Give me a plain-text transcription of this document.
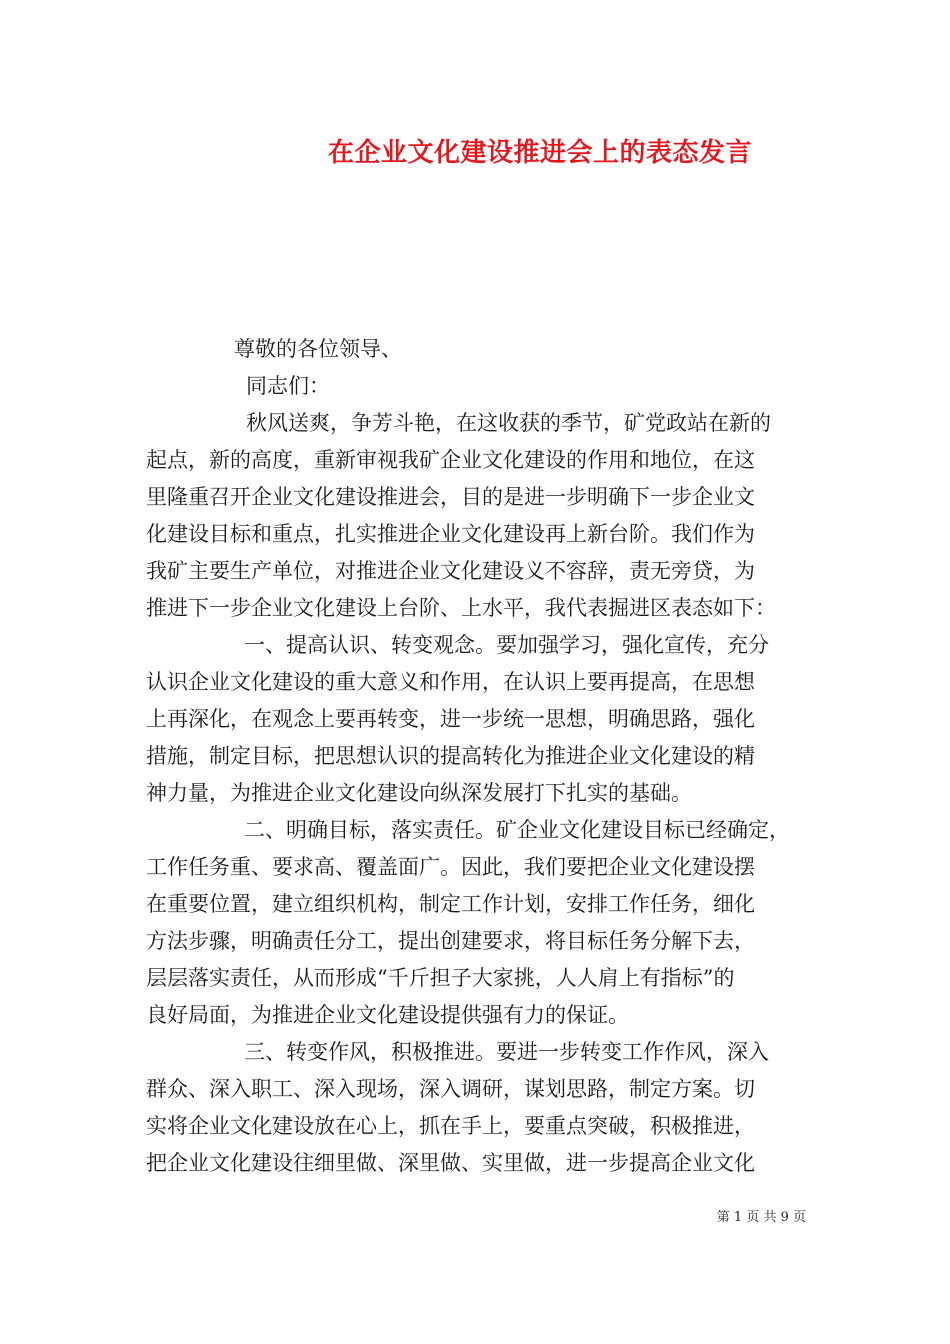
在企业文化建设推进会上的表态发言
尊敬的各位领导、
同志们：
秋风送爽，争芳斗艳，在这收获的季节，矿党政站在新的
起点，新的高度，重新审视我矿企业文化建设的作用和地位，在这
里隆重召开企业文化建设推进会，目的是进一步明确下一步企业文
化建设目标和重点，扎实推进企业文化建设再上新台阶。我们作为
我矿主要生产单位，对推进企业文化建设义不容辞，责无旁贷，为
推进下一步企业文化建设上台阶、上水平，我代表掘进区表态如下：
一、提高认识、转变观念。要加强学习，强化宣传，充分
认识企业文化建设的重大意义和作用，在认识上要再提高，在思想
上再深化，在观念上要再转变，进一步统一思想，明确思路，强化
措施，制定目标，把思想认识的提高转化为推进企业文化建设的精
神力量，为推进企业文化建设向纵深发展打下扎实的基础。
二、明确目标，落实责任。矿企业文化建设目标已经确定，
工作任务重、要求高、覆盖面广。因此，我们要把企业文化建设摆
在重要位置，建立组织机构，制定工作计划，安排工作任务，细化
方法步骤，明确责任分工，提出创建要求，将目标任务分解下去，
层层落实责任，从而形成“千斤担子大家挑，人人肩上有指标”的
良好局面，为推进企业文化建设提供强有力的保证。
三、转变作风，积极推进。要进一步转变工作作风，深入
群众、深入职工、深入现场，深入调研，谋划思路，制定方案。切
实将企业文化建设放在心上，抓在手上，要重点突破，积极推进，
把企业文化建设往细里做、深里做、实里做，进一步提高企业文化
第 1 页 共 9 页
